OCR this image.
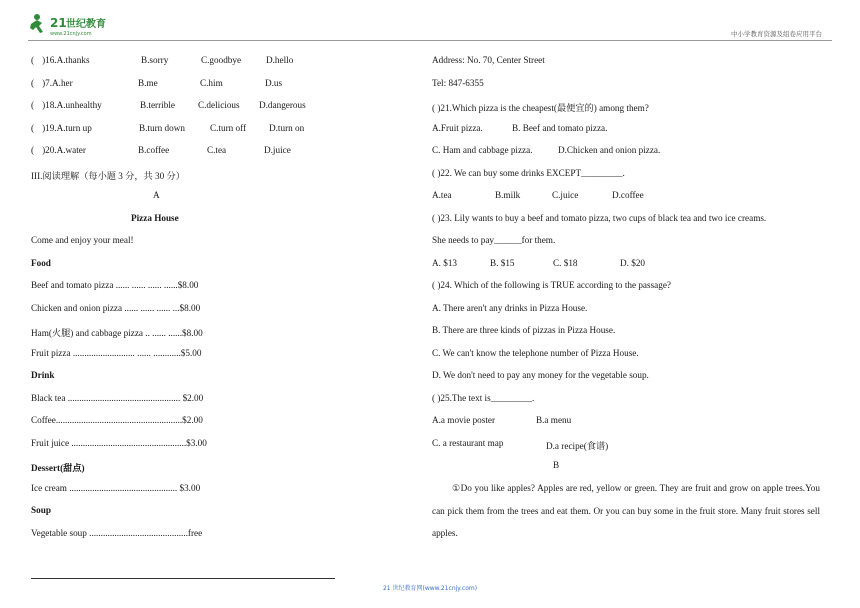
21 世纪教育
www.21cnjy.com	中小学教育资源及组卷应用平台
( )16.A.thanks	B.sorry	C.goodbye	D.hello
( )7.A.her	B.me	C.him	D.us
( )18.A.unhealthy	B.terrible	C.delicious D.dangerous
( )19.A.turn up	B.turn down	C.turn off D.turn on
( )20.A.water	B.coffee	C.tea	D.juice
III.阅读理解（每小题 3 分，共 30 分）
A
Pizza House
Come and enjoy your meal!
Food
Beef and tomato pizza ...... ...... ...... ......$8.00
Chicken and onion pizza ...... ...... ...... ...$8.00
Ham(火腿) and cabbage pizza .. ...... ......$8.00
Fruit pizza ........................... ...... ............$5.00
Drink
Black tea ................................................. $2.00
Coffee.......................................................$2.00
Fruit juice ..................................................$3.00
Dessert(甜点)
Ice cream ............................................... $3.00
Soup
Vegetable soup ...........................................free
Address: No. 70, Center Street
Tel: 847-6355
( )21.Which pizza is the cheapest(最便宜的) among them?
A.Fruit pizza.	B. Beef and tomato pizza.
C. Ham and cabbage pizza.	D.Chicken and onion pizza.
( )22. We can buy some drinks EXCEPT_________.
A.tea	B.milk	C.juice	D.coffee
( )23. Lily wants to buy a beef and tomato pizza, two cups of black tea and two ice creams.
She needs to pay______for them.
A. $13	B. $15	C. $18	D. $20
( )24. Which of the following is TRUE according to the passage?
A. There aren't any drinks in Pizza House.
B. There are three kinds of pizzas in Pizza House.
C. We can't know the telephone number of Pizza House.
D. We don't need to pay any money for the vegetable soup.
( )25.The text is_________.
A.a movie poster	B.a menu
C. a restaurant map	D.a recipe(食谱)
B
①Do you like apples? Apples are red, yellow or green. They are fruit and grow on apple trees.You can pick them from the trees and eat them. Or you can buy some in the fruit store. Many fruit stores sell apples.
21 世纪教育网(www.21cnjy.com)
